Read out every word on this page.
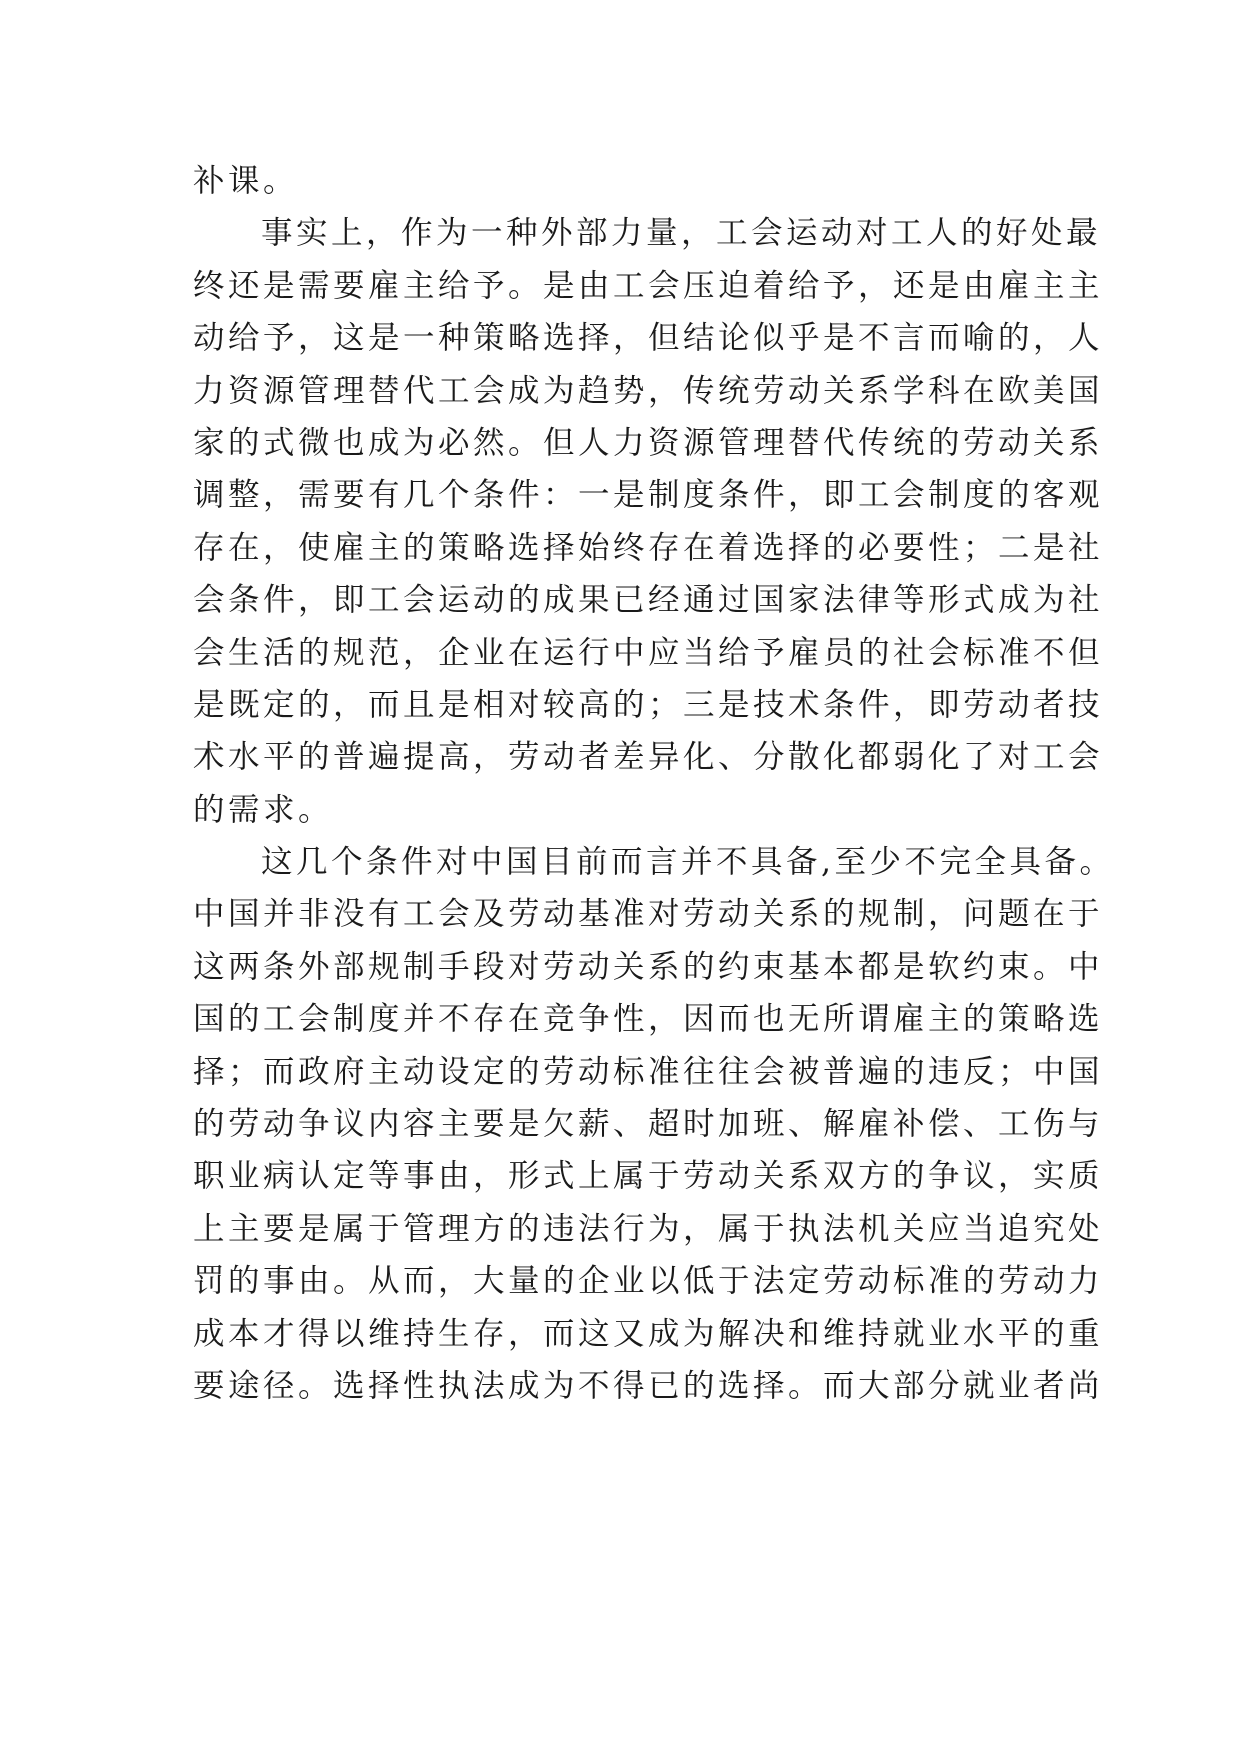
补课。
事实上，作为一种外部力量，工会运动对工人的好处最
终还是需要雇主给予。是由工会压迫着给予，还是由雇主主
动给予，这是一种策略选择，但结论似乎是不言而喻的，人
力资源管理替代工会成为趋势，传统劳动关系学科在欧美国
家的式微也成为必然。但人力资源管理替代传统的劳动关系
调整，需要有几个条件：一是制度条件，即工会制度的客观
存在，使雇主的策略选择始终存在着选择的必要性；二是社
会条件，即工会运动的成果已经通过国家法律等形式成为社
会生活的规范，企业在运行中应当给予雇员的社会标准不但
是既定的，而且是相对较高的；三是技术条件，即劳动者技
术水平的普遍提高，劳动者差异化、分散化都弱化了对工会
的需求。
这几个条件对中国目前而言并不具备,至少不完全具备。
中国并非没有工会及劳动基准对劳动关系的规制，问题在于
这两条外部规制手段对劳动关系的约束基本都是软约束。中
国的工会制度并不存在竞争性，因而也无所谓雇主的策略选
择；而政府主动设定的劳动标准往往会被普遍的违反；中国
的劳动争议内容主要是欠薪、超时加班、解雇补偿、工伤与
职业病认定等事由，形式上属于劳动关系双方的争议，实质
上主要是属于管理方的违法行为，属于执法机关应当追究处
罚的事由。从而，大量的企业以低于法定劳动标准的劳动力
成本才得以维持生存，而这又成为解决和维持就业水平的重
要途径。选择性执法成为不得已的选择。而大部分就业者尚
